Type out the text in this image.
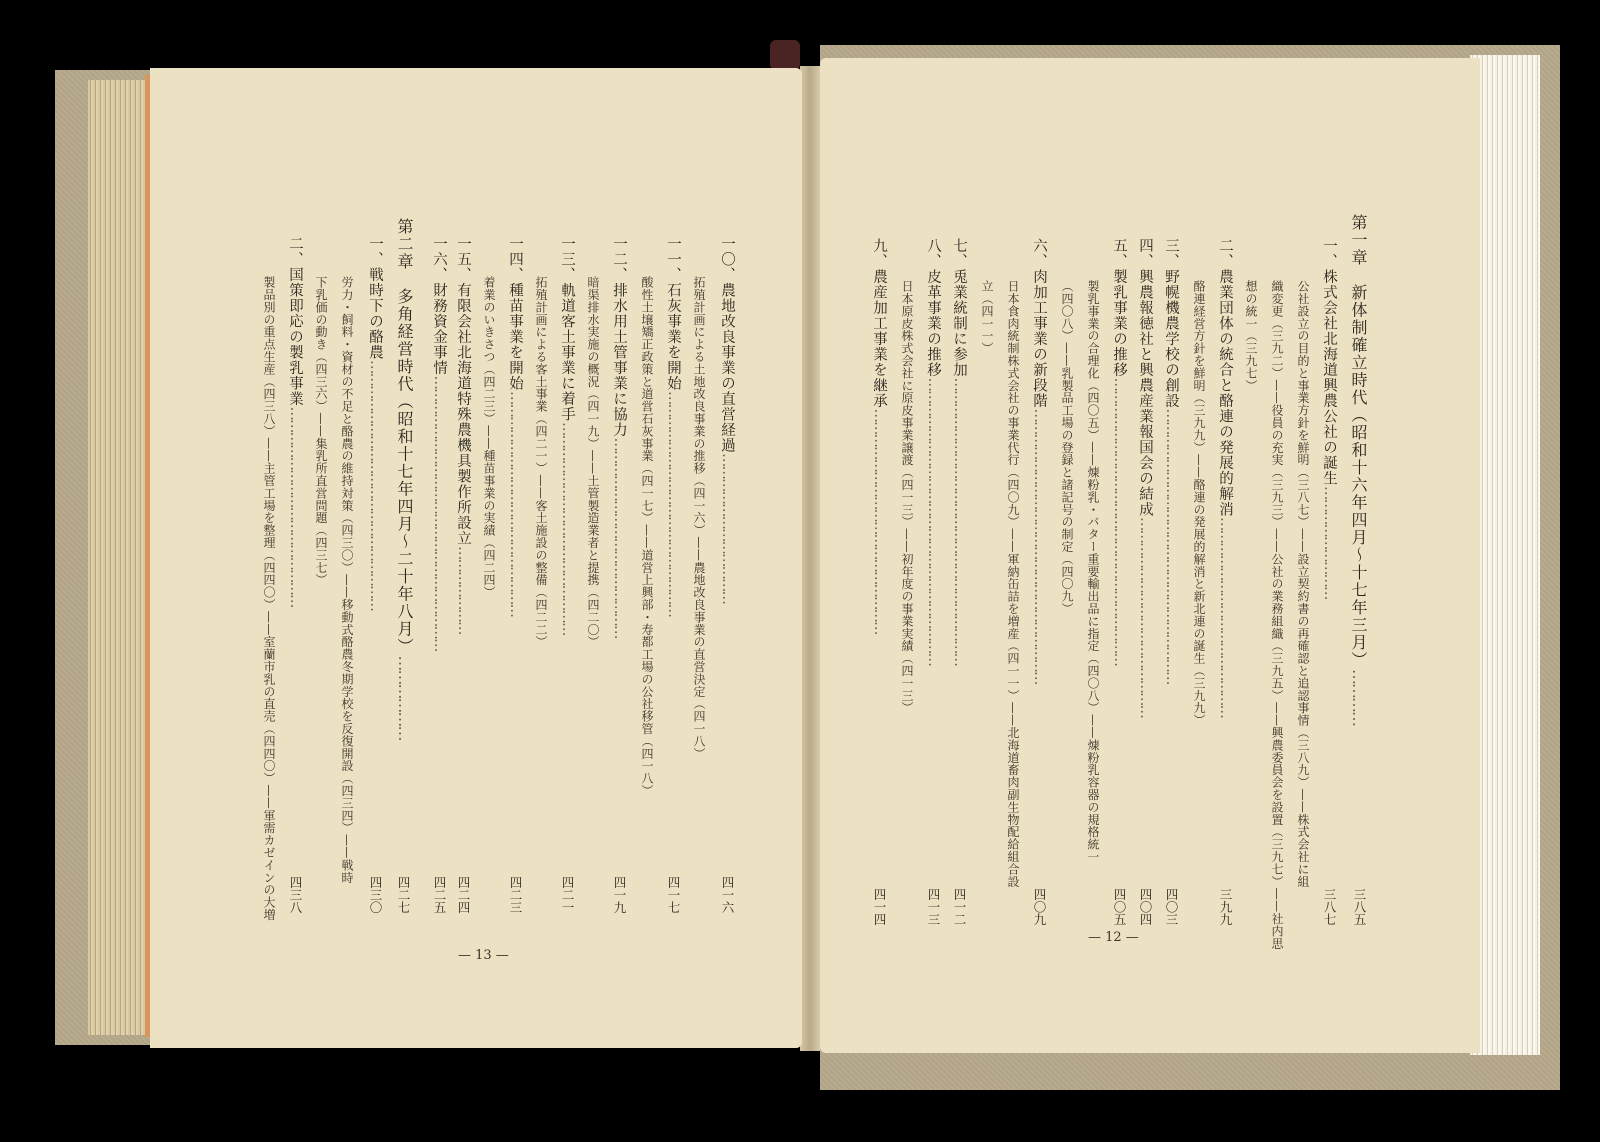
一〇、農地改良事業の直営経過………………………………
四一六
拓殖計画による土地改良事業の推移（四一六）——農地改良事業の直営決定（四一八）
一一、石灰事業を開始………………………………………………
四一七
酸性土壌矯正政策と道営石灰事業（四一七）——道営上興部・寿都工場の公社移管（四一八）
一二、排水用土管事業に協力…………………………………………
四一九
暗渠排水実施の概況（四一九）——土管製造業者と提携（四二〇）
一三、軌道客土事業に着手……………………………………………
四二一
拓殖計画による客土事業（四二一）——客土施設の整備（四二二）
一四、種苗事業を開始………………………………………………
四二三
着業のいきさつ（四二三）——種苗事業の実績（四二四）
一五、有限会社北海道特殊農機具製作所設立…………………
四二四
一六、財務資金事情…………………………………………………………
四二五
第二章　多角経営時代（昭和十七年四月〜二十年八月）………………
四二七
一、戦時下の酪農……………………………………………………
四三〇
労力・飼料・資材の不足と酪農の維持対策（四三〇）——移動式酪農冬期学校を反復開設（四三四）——戦時
下乳価の動き（四三六）——集乳所直営問題（四三七）
二、国策即応の製乳事業…………………………………………
四三八
製品別の重点生産（四三八）——主管工場を整理（四四〇）——室蘭市乳の直売（四四〇）——軍需カゼインの大増
— 13 —
第一章　新体制確立時代（昭和十六年四月〜十七年三月）…………
三八五
一、株式会社北海道興農公社の誕生………………………
三八七
公社設立の目的と事業方針を鮮明（三八七）——設立契約書の再確認と追認事情（三八九）——株式会社に組
織変更（三九二）——役員の充実（三九三）——公社の業務組織（三九五）——興農委員会を設置（三九七）——社内思
想の統一（三九七）
二、農業団体の統合と酪連の発展的解消…………………………………………
三九九
酪連経営方針を鮮明（三九九）——酪連の発展的解消と新北連の誕生（三九九）
三、野幌機農学校の創設…………………………………………………………
四〇三
四、興農報徳社と興農産業報国会の結成…………………………………………
四〇四
五、製乳事業の推移……………………………………………………………
四〇五
製乳事業の合理化（四〇五）——煉粉乳・バター重要輸出品に指定（四〇八）——煉粉乳容器の規格統一
（四〇八）——乳製品工場の登録と諸記号の制定（四〇九）
六、肉加工事業の新段階…………………………………………………………
四〇九
日本食肉統制株式会社の事業代行（四〇九）——軍納缶詰を増産（四一一）——北海道畜肉副生物配給組合設
立（四一一）
七、兎業統制に参加……………………………………………………………
四一二
八、皮革事業の推移……………………………………………………………
四一三
日本原皮株式会社に原皮事業譲渡（四一三）——初年度の事業実績（四一三）
九、農産加工事業を継承………………………………………………
四一四
— 12 —
